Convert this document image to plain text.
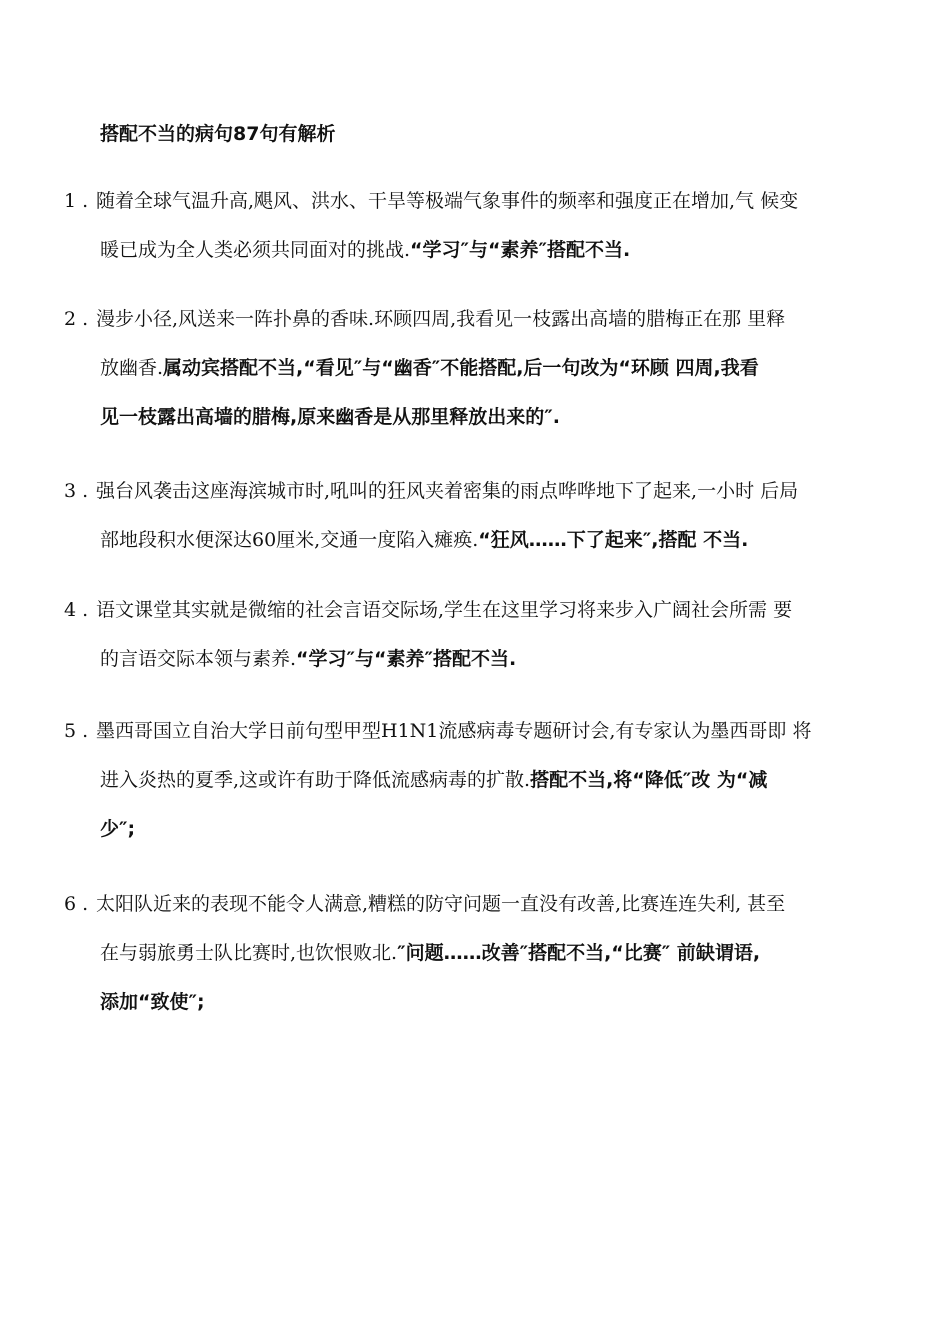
搭配不当的病句87句有解析
1 . 随着全球气温升高,飓风、洪水、干旱等极端气象事件的频率和强度正在增加,气 候变
暖已成为全人类必须共同面对的挑战.“学习″与“素养″搭配不当.
2 . 漫步小径,风送来一阵扑鼻的香味.环顾四周,我看见一枝露出高墙的腊梅正在那 里释
放幽香.属动宾搭配不当,“看见″与“幽香″不能搭配,后一句改为“环顾 四周,我看
见一枝露出高墙的腊梅,原来幽香是从那里释放出来的″.
3 . 强台风袭击这座海滨城市时,吼叫的狂风夹着密集的雨点哗哗地下了起来,一小时 后局
部地段积水便深达60厘米,交通一度陷入瘫痪.“狂风……下了起来″,搭配 不当.
4 . 语文课堂其实就是微缩的社会言语交际场,学生在这里学习将来步入广阔社会所需 要
的言语交际本领与素养.“学习″与“素养″搭配不当.
5 . 墨西哥国立自治大学日前句型甲型H1N1流感病毒专题研讨会,有专家认为墨西哥即 将
进入炎热的夏季,这或许有助于降低流感病毒的扩散.搭配不当,将“降低″改 为“减
少″;
6 . 太阳队近来的表现不能令人满意,糟糕的防守问题一直没有改善,比赛连连失利, 甚至
在与弱旅勇士队比赛时,也饮恨败北.″问题……改善″搭配不当,“比赛″ 前缺谓语,
添加“致使″;
